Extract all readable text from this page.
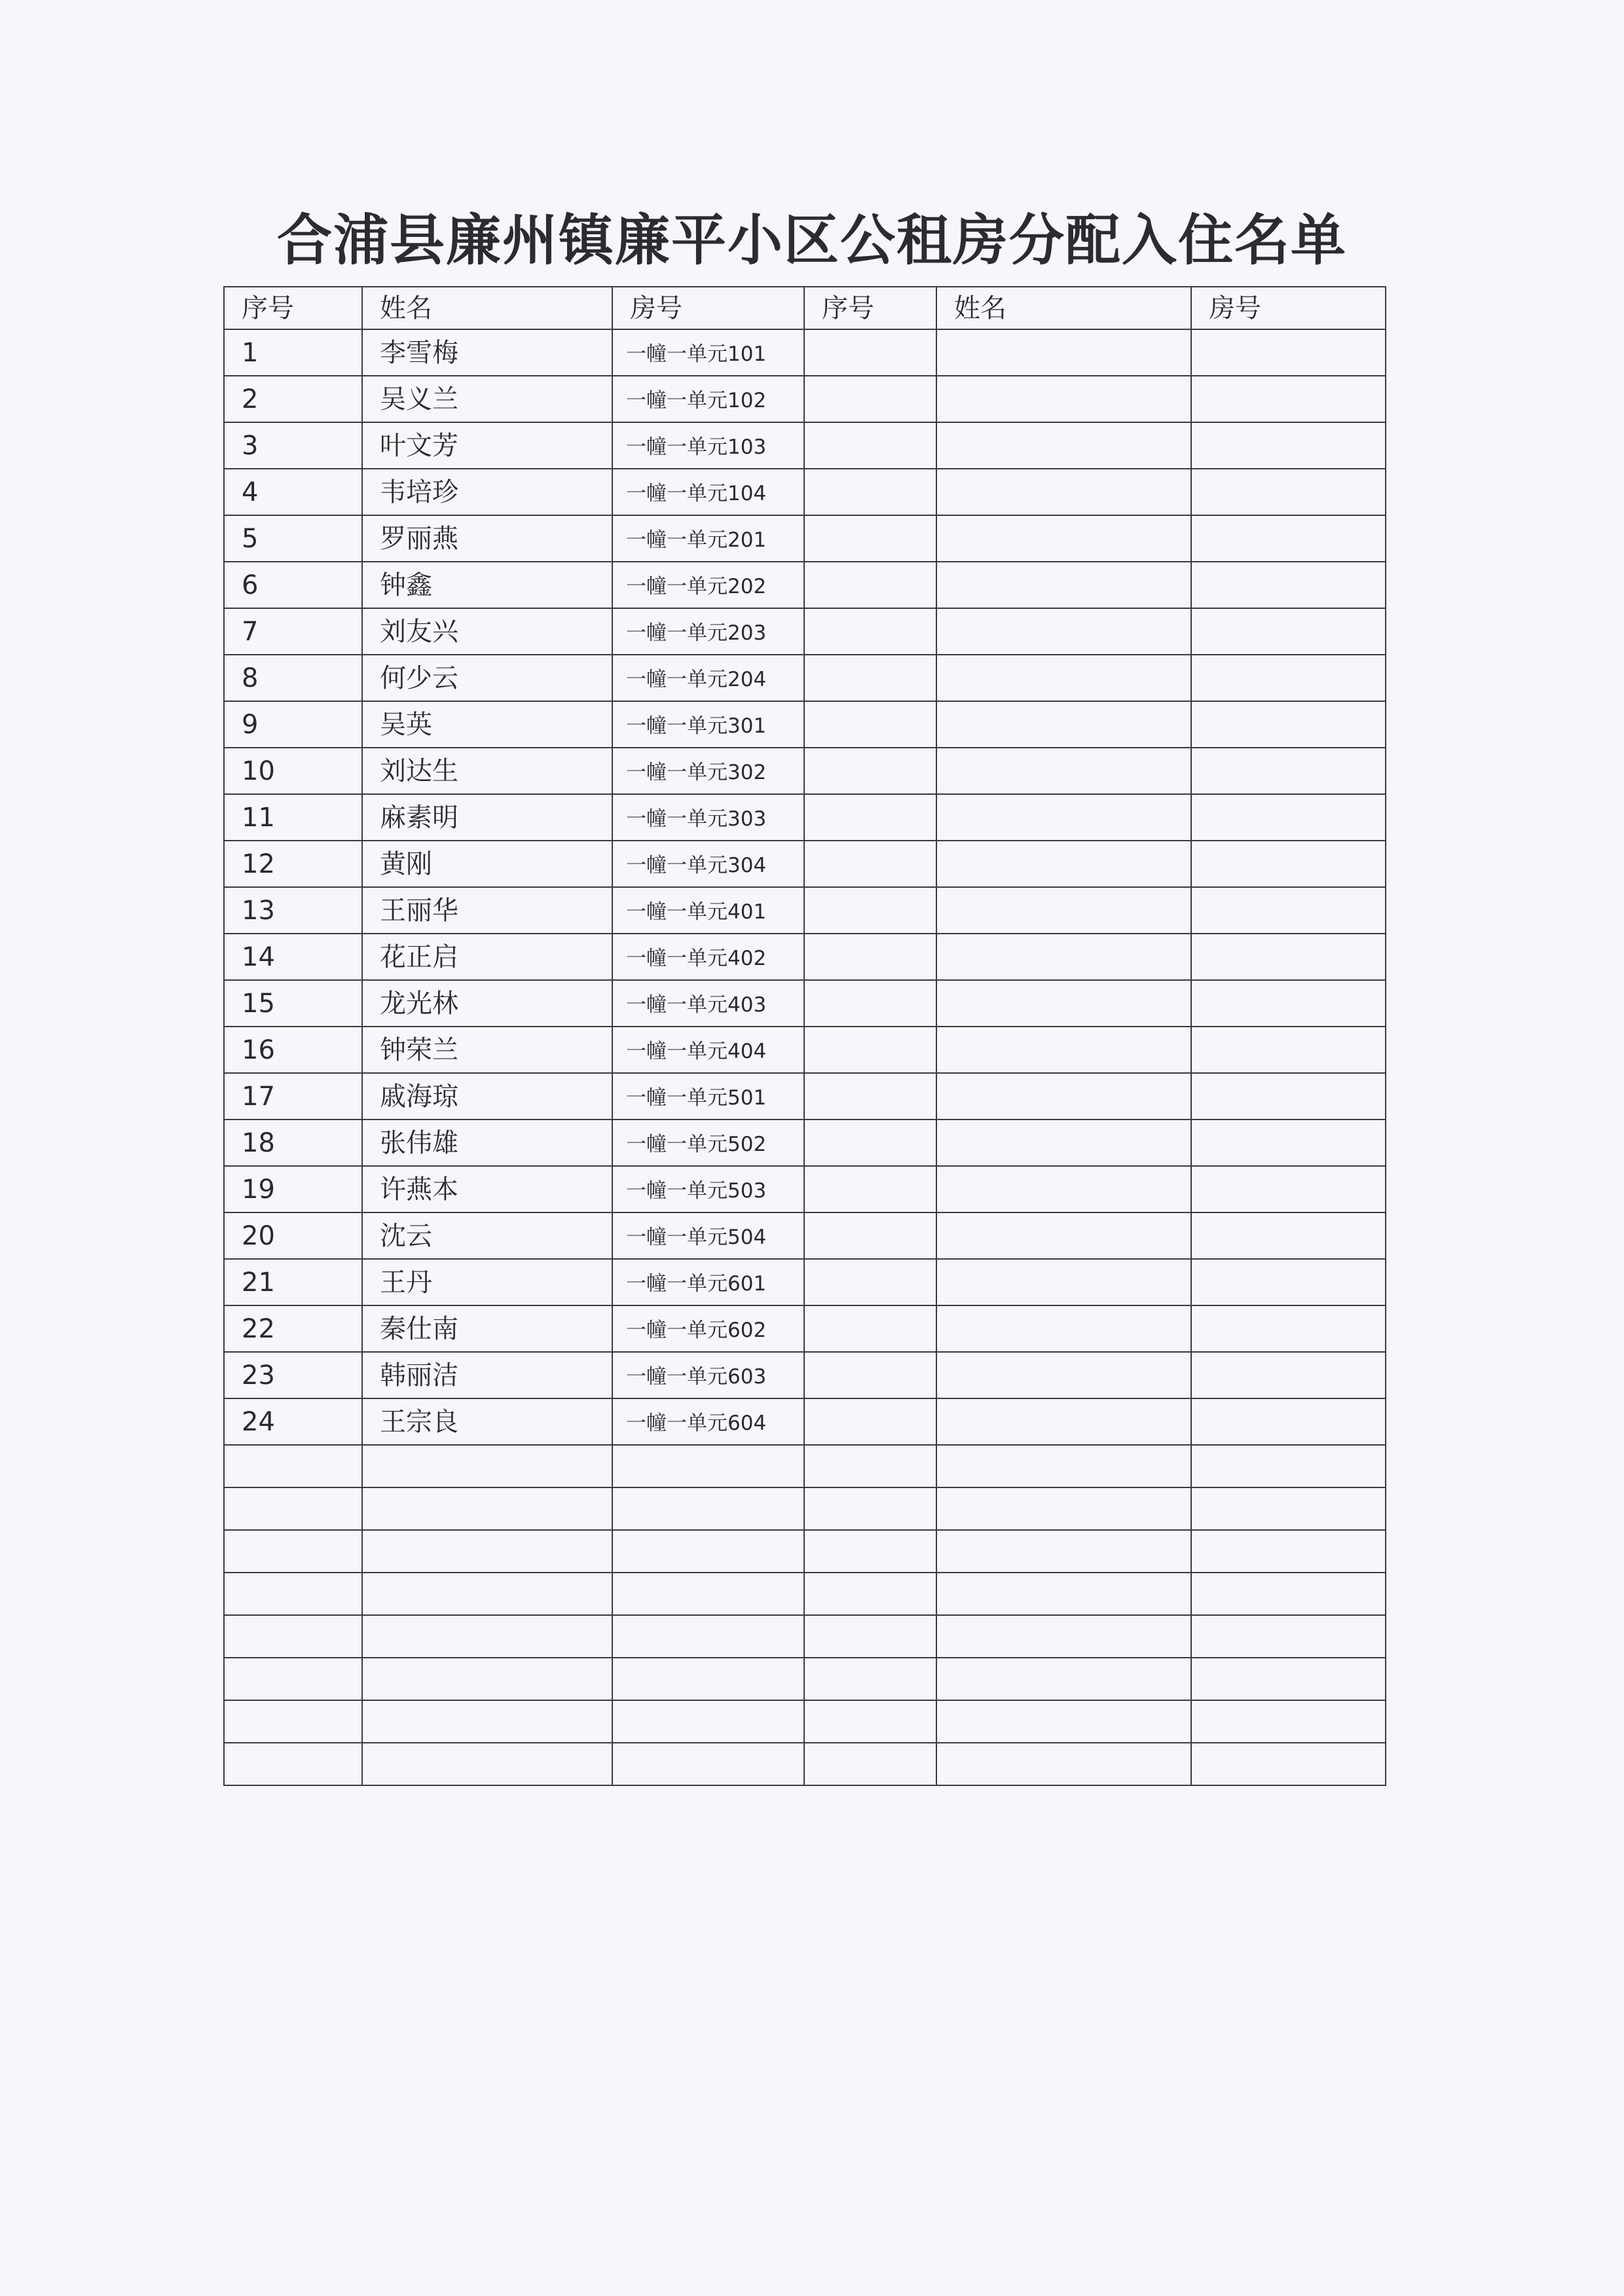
合浦县廉州镇廉平小区公租房分配入住名单
序号	姓名	房号	序号	姓名	房号
1	李雪梅	一幢一单元101			
2	吴义兰	一幢一单元102			
3	叶文芳	一幢一单元103			
4	韦培珍	一幢一单元104			
5	罗丽燕	一幢一单元201			
6	钟鑫	一幢一单元202			
7	刘友兴	一幢一单元203			
8	何少云	一幢一单元204			
9	吴英	一幢一单元301			
10	刘达生	一幢一单元302			
11	麻素明	一幢一单元303			
12	黄刚	一幢一单元304			
13	王丽华	一幢一单元401			
14	花正启	一幢一单元402			
15	龙光林	一幢一单元403			
16	钟荣兰	一幢一单元404			
17	戚海琼	一幢一单元501			
18	张伟雄	一幢一单元502			
19	许燕本	一幢一单元503			
20	沈云	一幢一单元504			
21	王丹	一幢一单元601			
22	秦仕南	一幢一单元602			
23	韩丽洁	一幢一单元603			
24	王宗良	一幢一单元604			
